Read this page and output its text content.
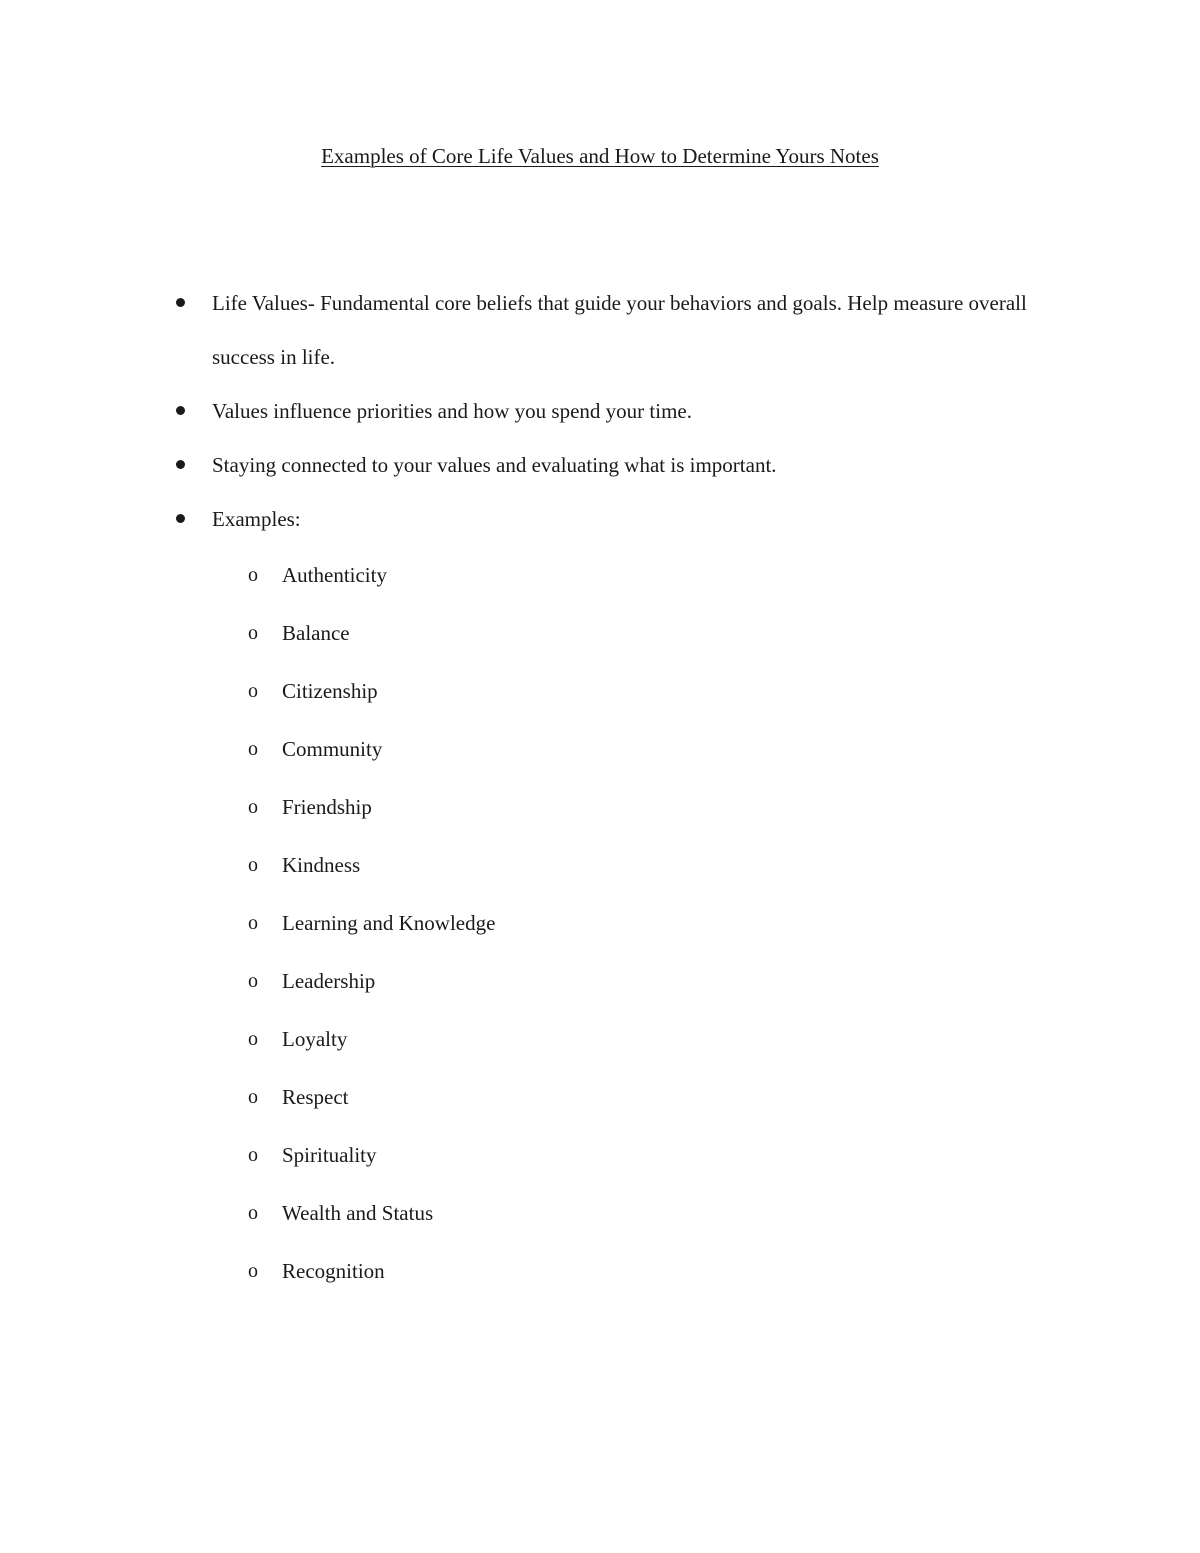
Examples of Core Life Values and How to Determine Yours Notes
Life Values- Fundamental core beliefs that guide your behaviors and goals. Help measure overall success in life.
Values influence priorities and how you spend your time.
Staying connected to your values and evaluating what is important.
Examples:
o Authenticity
o Balance
o Citizenship
o Community
o Friendship
o Kindness
o Learning and Knowledge
o Leadership
o Loyalty
o Respect
o Spirituality
o Wealth and Status
o Recognition
